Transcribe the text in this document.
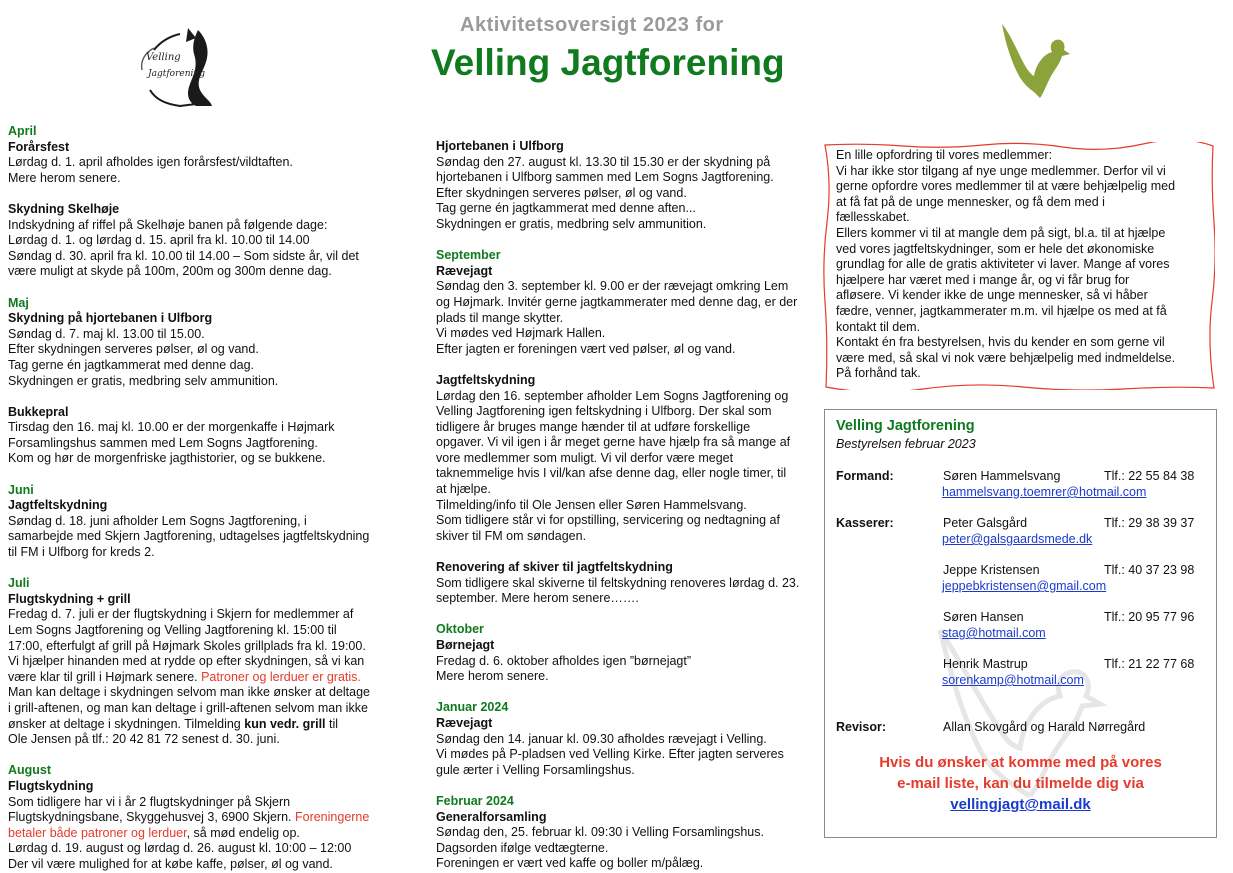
Aktivitetsoversigt 2023 for
Velling Jagtforening
Velling
Jagtforening
April
Forårsfest
Lørdag d. 1. april afholdes igen forårsfest/vildtaften.
Mere herom senere.
Skydning Skelhøje
Indskydning af riffel på Skelhøje banen på følgende dage:
Lørdag d. 1. og lørdag d. 15. april fra kl. 10.00 til 14.00
Søndag d. 30. april fra kl. 10.00 til 14.00 – Som sidste år, vil det
være muligt at skyde på 100m, 200m og 300m denne dag.
Maj
Skydning på hjortebanen i Ulfborg
Søndag d. 7. maj kl. 13.00 til 15.00.
Efter skydningen serveres pølser, øl og vand.
Tag gerne én jagtkammerat med denne dag.
Skydningen er gratis, medbring selv ammunition.
Bukkepral
Tirsdag den 16. maj kl. 10.00 er der morgenkaffe i Højmark
Forsamlingshus sammen med Lem Sogns Jagtforening.
Kom og hør de morgenfriske jagthistorier, og se bukkene.
Juni
Jagtfeltskydning
Søndag d. 18. juni afholder Lem Sogns Jagtforening, i
samarbejde med Skjern Jagtforening, udtagelses jagtfeltskydning
til FM i Ulfborg for kreds 2.
Juli
Flugtskydning + grill
Fredag d. 7. juli er der flugtskydning i Skjern for medlemmer af
Lem Sogns Jagtforening og Velling Jagtforening kl. 15:00 til
17:00, efterfulgt af grill på Højmark Skoles grillplads fra kl. 19:00.
Vi hjælper hinanden med at rydde op efter skydningen, så vi kan
være klar til grill i Højmark senere. Patroner og lerduer er gratis.
Man kan deltage i skydningen selvom man ikke ønsker at deltage
i grill-aftenen, og man kan deltage i grill-aftenen selvom man ikke
ønsker at deltage i skydningen. Tilmelding kun vedr. grill til
Ole Jensen på tlf.: 20 42 81 72 senest d. 30. juni.
August
Flugtskydning
Som tidligere har vi i år 2 flugtskydninger på Skjern
Flugtskydningsbane, Skyggehusvej 3, 6900 Skjern. Foreningerne
betaler både patroner og lerduer, så mød endelig op.
Lørdag d. 19. august og lørdag d. 26. august kl. 10:00 – 12:00
Der vil være mulighed for at købe kaffe, pølser, øl og vand.
Hjortebanen i Ulfborg
Søndag den 27. august kl. 13.30 til 15.30 er der skydning på
hjortebanen i Ulfborg sammen med Lem Sogns Jagtforening.
Efter skydningen serveres pølser, øl og vand.
Tag gerne én jagtkammerat med denne aften...
Skydningen er gratis, medbring selv ammunition.
September
Rævejagt
Søndag den 3. september kl. 9.00 er der rævejagt omkring Lem
og Højmark. Invitér gerne jagtkammerater med denne dag, er der
plads til mange skytter.
Vi mødes ved Højmark Hallen.
Efter jagten er foreningen vært ved pølser, øl og vand.
Jagtfeltskydning
Lørdag den 16. september afholder Lem Sogns Jagtforening og
Velling Jagtforening igen feltskydning i Ulfborg. Der skal som
tidligere år bruges mange hænder til at udføre forskellige
opgaver. Vi vil igen i år meget gerne have hjælp fra så mange af
vore medlemmer som muligt. Vi vil derfor være meget
taknemmelige hvis I vil/kan afse denne dag, eller nogle timer, til
at hjælpe.
Tilmelding/info til Ole Jensen eller Søren Hammelsvang.
Som tidligere står vi for opstilling, servicering og nedtagning af
skiver til FM om søndagen.
Renovering af skiver til jagtfeltskydning
Som tidligere skal skiverne til feltskydning renoveres lørdag d. 23.
september. Mere herom senere…….
Oktober
Børnejagt
Fredag d. 6. oktober afholdes igen ”børnejagt”
Mere herom senere.
Januar 2024
Rævejagt
Søndag den 14. januar kl. 09.30 afholdes rævejagt i Velling.
Vi mødes på P-pladsen ved Velling Kirke. Efter jagten serveres
gule ærter i Velling Forsamlingshus.
Februar 2024
Generalforsamling
Søndag den, 25. februar kl. 09:30 i Velling Forsamlingshus.
Dagsorden ifølge vedtægterne.
Foreningen er vært ved kaffe og boller m/pålæg.
En lille opfordring til vores medlemmer:
Vi har ikke stor tilgang af nye unge medlemmer. Derfor vil vi
gerne opfordre vores medlemmer til at være behjælpelig med
at få fat på de unge mennesker, og få dem med i
fællesskabet.
Ellers kommer vi til at mangle dem på sigt, bl.a. til at hjælpe
ved vores jagtfeltskydninger, som er hele det økonomiske
grundlag for alle de gratis aktiviteter vi laver. Mange af vores
hjælpere har været med i mange år, og vi får brug for
afløsere. Vi kender ikke de unge mennesker, så vi håber
fædre, venner, jagtkammerater m.m. vil hjælpe os med at få
kontakt til dem.
Kontakt én fra bestyrelsen, hvis du kender en som gerne vil
være med, så skal vi nok være behjælpelig med indmeldelse.
På forhånd tak.
Velling Jagtforening
Bestyrelsen februar 2023
Formand:	Søren Hammelsvang	Tlf.: 22 55 84 38
hammelsvang.toemrer@hotmail.com
Kasserer:	Peter Galsgård	Tlf.: 29 38 39 37
peter@galsgaardsmede.dk
Jeppe Kristensen	Tlf.: 40 37 23 98
jeppebkristensen@gmail.com
Søren Hansen	Tlf.: 20 95 77 96
stag@hotmail.com
Henrik Mastrup	Tlf.: 21 22 77 68
sorenkamp@hotmail.com
Revisor:	Allan Skovgård og Harald Nørregård
Hvis du ønsker at komme med på vores
e-mail liste, kan du tilmelde dig via
vellingjagt@mail.dk
